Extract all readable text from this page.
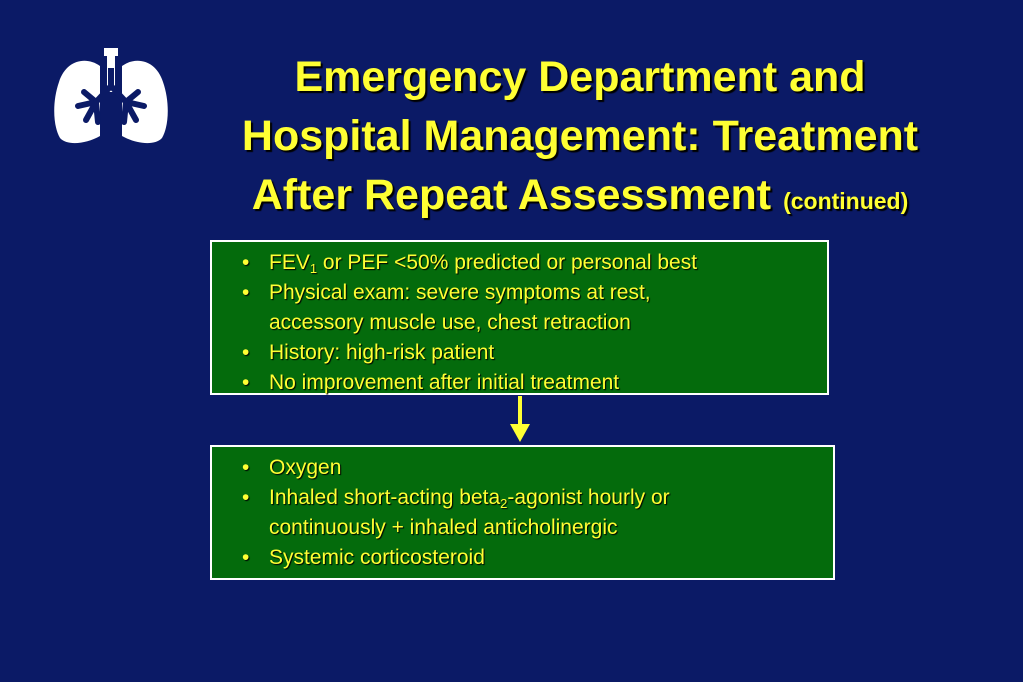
Emergency Department and
Hospital Management: Treatment
After Repeat Assessment (continued)
• $FEV_1$ or PEF <50% predicted or personal best
• Physical exam: severe symptoms at rest,
accessory muscle use, chest retraction
• History: high-risk patient
• No improvement after initial treatment
• Oxygen
• Inhaled short-acting beta$_2$-agonist hourly or
continuously + inhaled anticholinergic
• Systemic corticosteroid
